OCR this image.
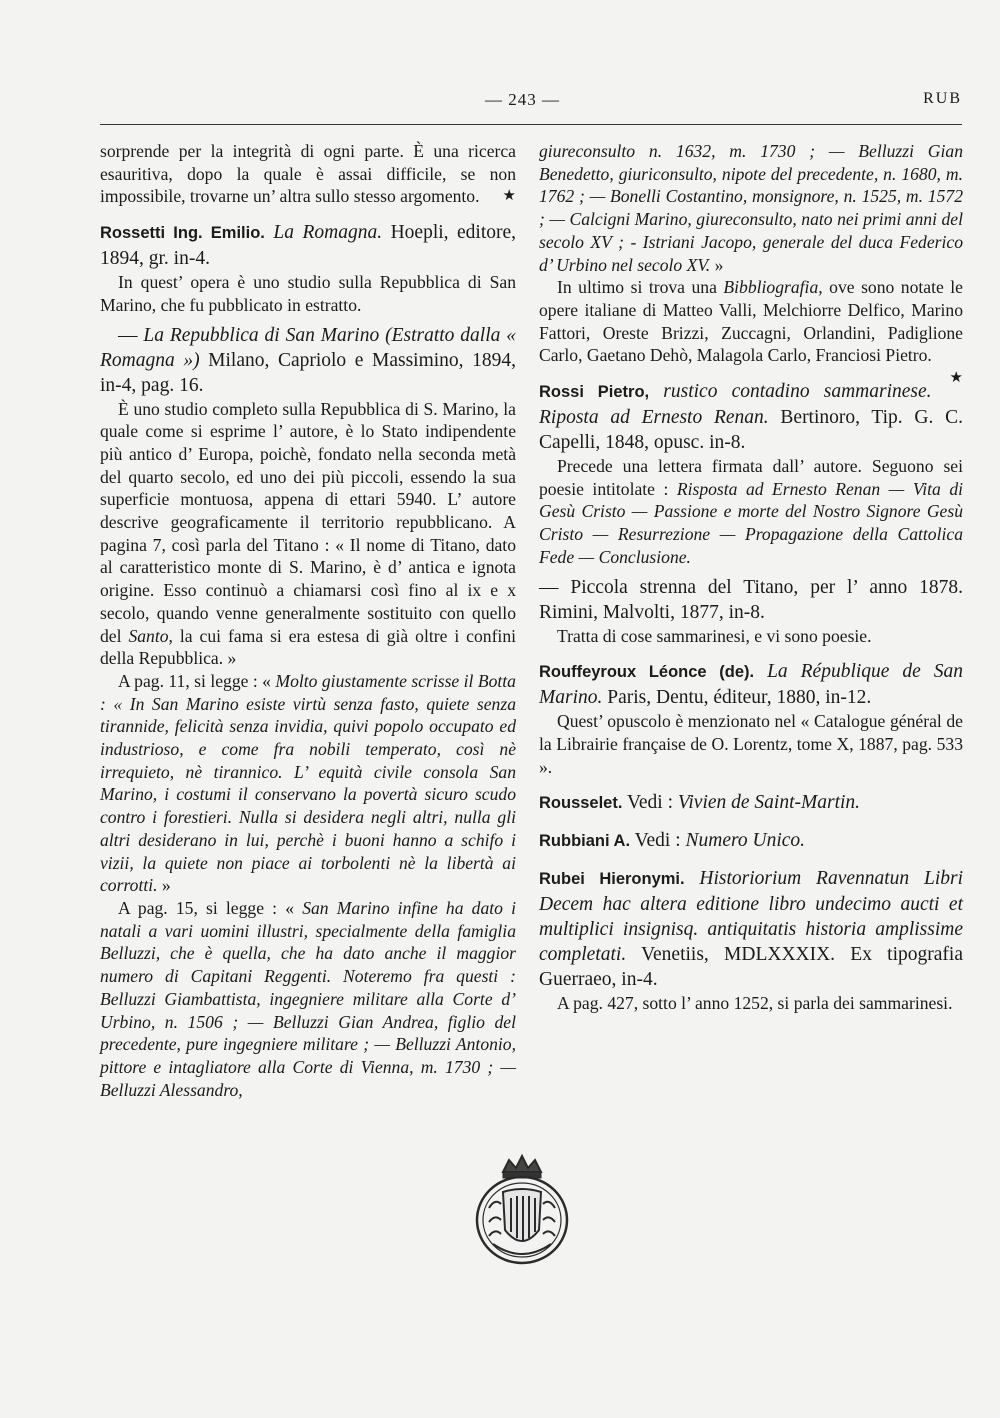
— 243 —	RUB

sorprende per la integrità di ogni parte. È una ricerca esauritiva, dopo la quale è assai difficile, se non impossibile, trovarne un’ altra sullo stesso argomento. ★

Rossetti Ing. Emilio. La Romagna. Hoepli, editore, 1894, gr. in-4.

In quest’ opera è uno studio sulla Repubblica di San Marino, che fu pubblicato in estratto.

— La Repubblica di San Marino (Estratto dalla « Romagna ») Milano, Capriolo e Massimino, 1894, in-4, pag. 16.

È uno studio completo sulla Repubblica di S. Marino, la quale come si esprime l’ autore, è lo Stato indipendente più antico d’ Europa, poichè, fondato nella seconda metà del quarto secolo, ed uno dei più piccoli, essendo la sua superficie montuosa, appena di ettari 5940. L’ autore descrive geograficamente il territorio repubblicano. A pagina 7, così parla del Titano : « Il nome di Titano, dato al caratteristico monte di S. Marino, è d’ antica e ignota origine. Esso continuò a chiamarsi così fino al ix e x secolo, quando venne generalmente sostituito con quello del Santo, la cui fama si era estesa di già oltre i confini della Repubblica. »

A pag. 11, si legge : « Molto giustamente scrisse il Botta : « In San Marino esiste virtù senza fasto, quiete senza tirannide, felicità senza invidia, quivi popolo occupato ed industrioso, e come fra nobili temperato, così nè irrequieto, nè tirannico. L’ equità civile consola San Marino, i costumi il conservano la povertà sicuro scudo contro i forestieri. Nulla si desidera negli altri, nulla gli altri desiderano in lui, perchè i buoni hanno a schifo i vizii, la quiete non piace ai torbolenti nè la libertà ai corrotti. »

A pag. 15, si legge : « San Marino infine ha dato i natali a vari uomini illustri, specialmente della famiglia Belluzzi, che è quella, che ha dato anche il maggior numero di Capitani Reggenti. Noteremo fra questi : Belluzzi Giambattista, ingegniere militare alla Corte d’ Urbino, n. 1506 ; — Belluzzi Gian Andrea, figlio del precedente, pure ingegniere militare ; — Belluzzi Antonio, pittore e intagliatore alla Corte di Vienna, m. 1730 ; — Belluzzi Alessandro,

giureconsulto n. 1632, m. 1730 ; — Belluzzi Gian Benedetto, giuriconsulto, nipote del precedente, n. 1680, m. 1762 ; — Bonelli Costantino, monsignore, n. 1525, m. 1572 ; — Calcigni Marino, giureconsulto, nato nei primi anni del secolo XV ; - Istriani Jacopo, generale del duca Federico d’ Urbino nel secolo XV. »

In ultimo si trova una Bibbliografia, ove sono notate le opere italiane di Matteo Valli, Melchiorre Delfico, Marino Fattori, Oreste Brizzi, Zuccagni, Orlandini, Padiglione Carlo, Gaetano Dehò, Malagola Carlo, Franciosi Pietro.
★

Rossi Pietro, rustico contadino sammarinese. Riposta ad Ernesto Renan. Bertinoro, Tip. G. C. Capelli, 1848, opusc. in-8.

Precede una lettera firmata dall’ autore. Seguono sei poesie intitolate : Risposta ad Ernesto Renan — Vita di Gesù Cristo — Passione e morte del Nostro Signore Gesù Cristo — Resurrezione — Propagazione della Cattolica Fede — Conclusione.

— Piccola strenna del Titano, per l’ anno 1878. Rimini, Malvolti, 1877, in-8.

Tratta di cose sammarinesi, e vi sono poesie.

Rouffeyroux Léonce (de). La République de San Marino. Paris, Dentu, éditeur, 1880, in-12.

Quest’ opuscolo è menzionato nel « Catalogue général de la Librairie française de O. Lorentz, tome X, 1887, pag. 533 ».

Rousselet. Vedi : Vivien de Saint-Martin.

Rubbiani A. Vedi : Numero Unico.

Rubei Hieronymi. Historiorium Ravennatun Libri Decem hac altera editione libro undecimo aucti et multiplici insignisq. antiquitatis historia amplissime completati. Venetiis, MDLXXXIX. Ex tipografia Guerraeo, in-4.

A pag. 427, sotto l’ anno 1252, si parla dei sammarinesi.
